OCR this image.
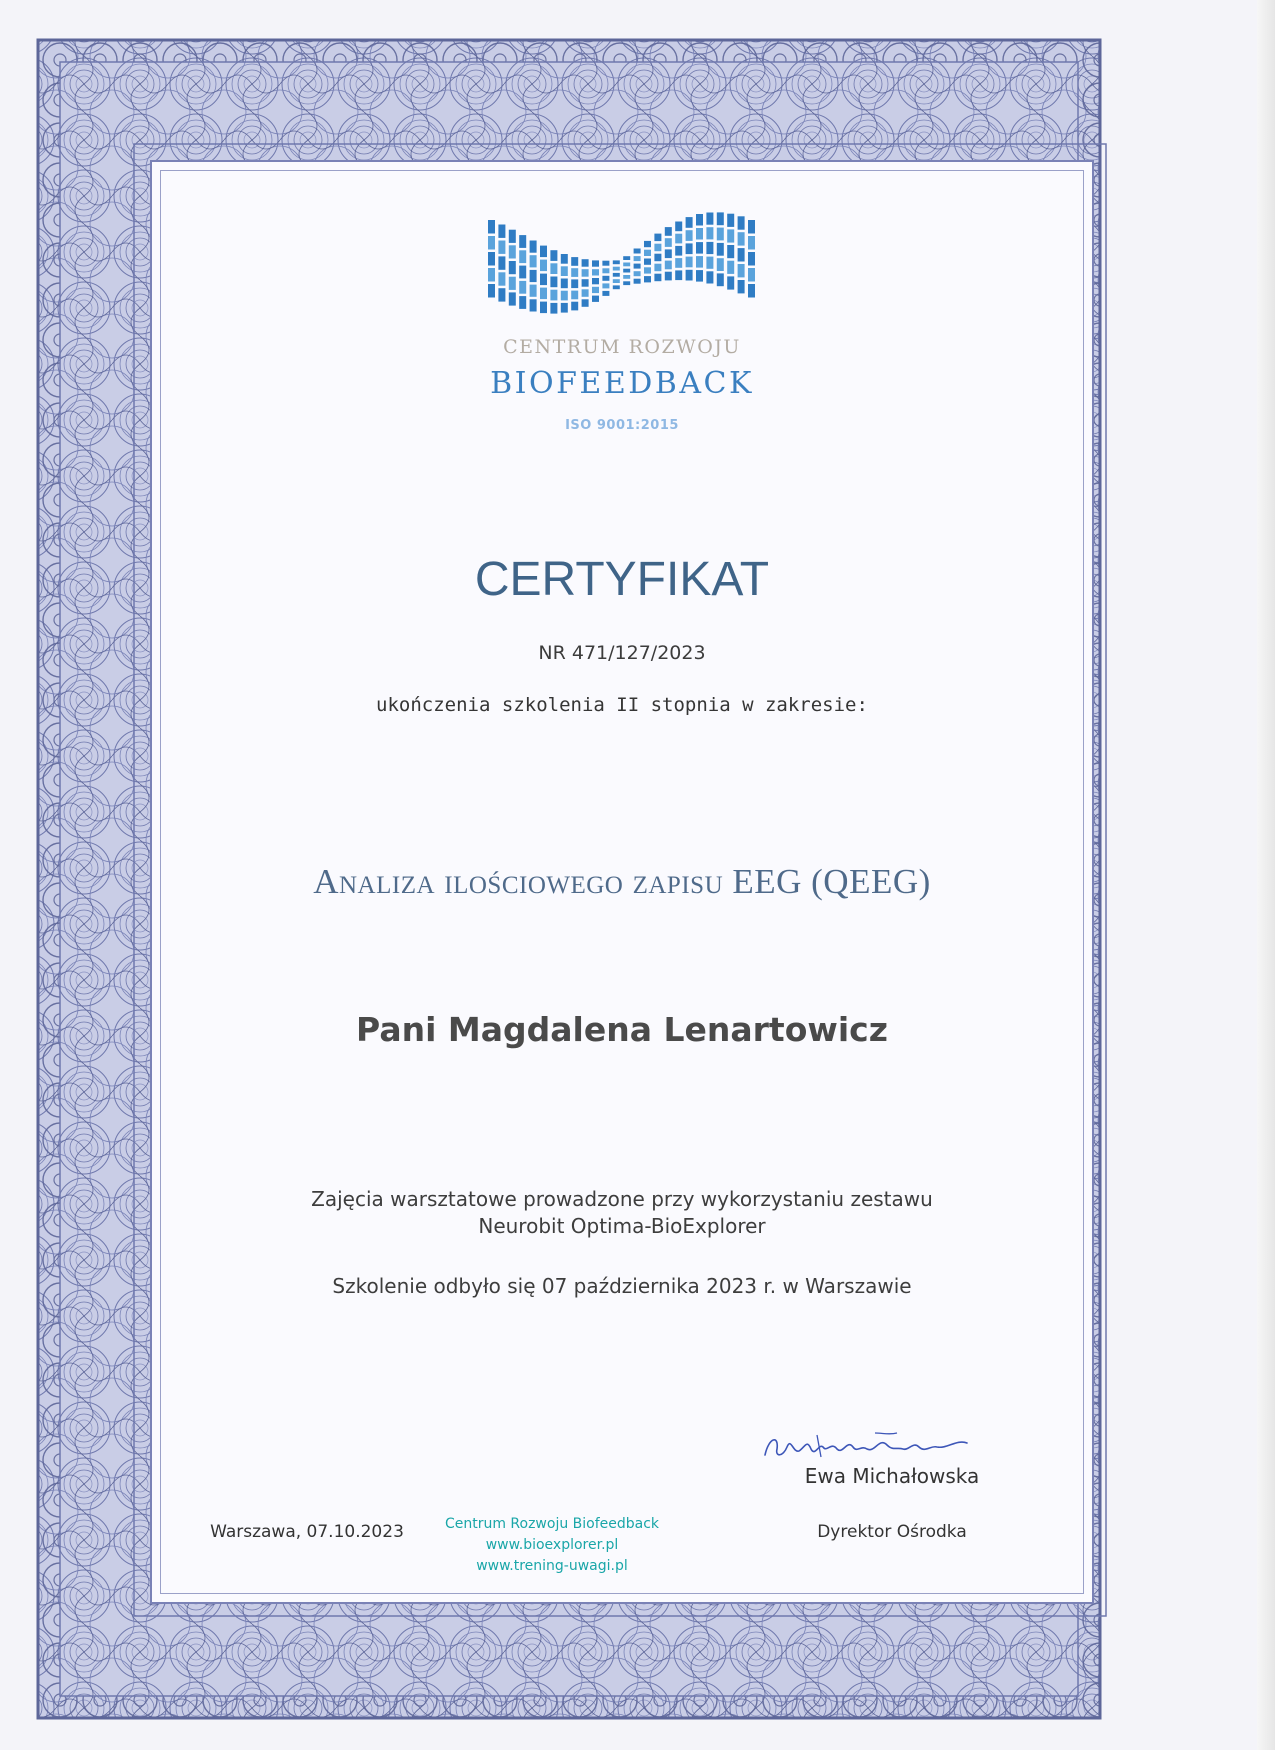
CENTRUM ROZWOJU
BIOFEEDBACK
ISO 9001:2015
CERTYFIKAT
NR 471/127/2023
ukończenia szkolenia II stopnia w zakresie:
Analiza ilościowego zapisu EEG (QEEG)
Pani Magdalena Lenartowicz
Zajęcia warsztatowe prowadzone przy wykorzystaniu zestawu
Neurobit Optima-BioExplorer
Szkolenie odbyło się 07 października 2023 r. w Warszawie
Ewa Michałowska
Dyrektor Ośrodka
Warszawa, 07.10.2023	Centrum Rozwoju Biofeedback
www.bioexplorer.pl
www.trening-uwagi.pl
